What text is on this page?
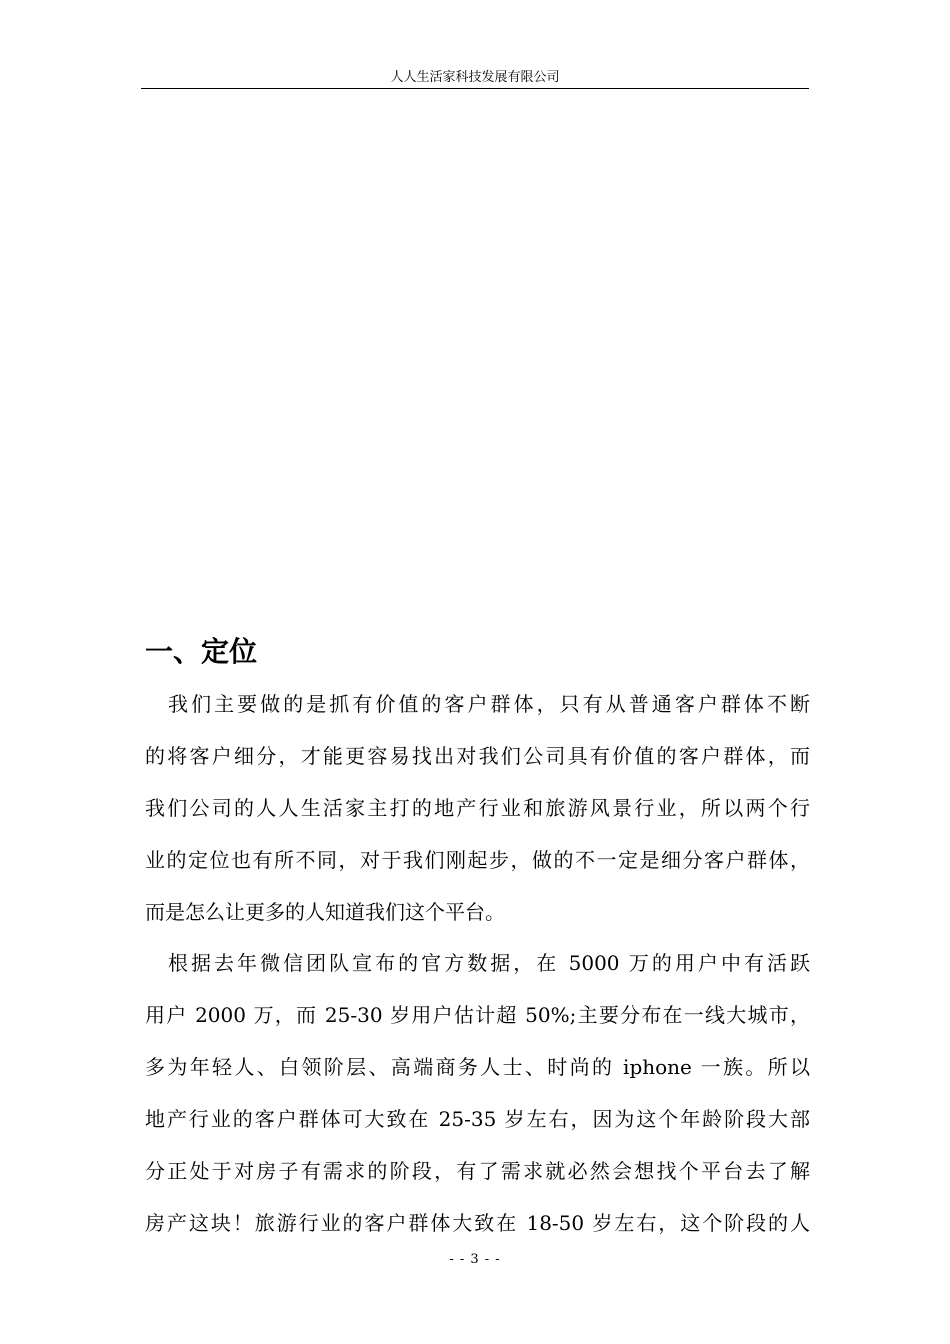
人人生活家科技发展有限公司
一、定位
　我们主要做的是抓有价值的客户群体，只有从普通客户群体不断
的将客户细分，才能更容易找出对我们公司具有价值的客户群体，而
我们公司的人人生活家主打的地产行业和旅游风景行业，所以两个行
业的定位也有所不同，对于我们刚起步，做的不一定是细分客户群体，
而是怎么让更多的人知道我们这个平台。
　根据去年微信团队宣布的官方数据，在 5000 万的用户中有活跃
用户 2000 万，而 25-30 岁用户估计超 50%;主要分布在一线大城市，
多为年轻人、白领阶层、高端商务人士、时尚的 iphone 一族。所以
地产行业的客户群体可大致在 25-35 岁左右，因为这个年龄阶段大部
分正处于对房子有需求的阶段，有了需求就必然会想找个平台去了解
房产这块！旅游行业的客户群体大致在 18-50 岁左右，这个阶段的人
- - 3 - -
